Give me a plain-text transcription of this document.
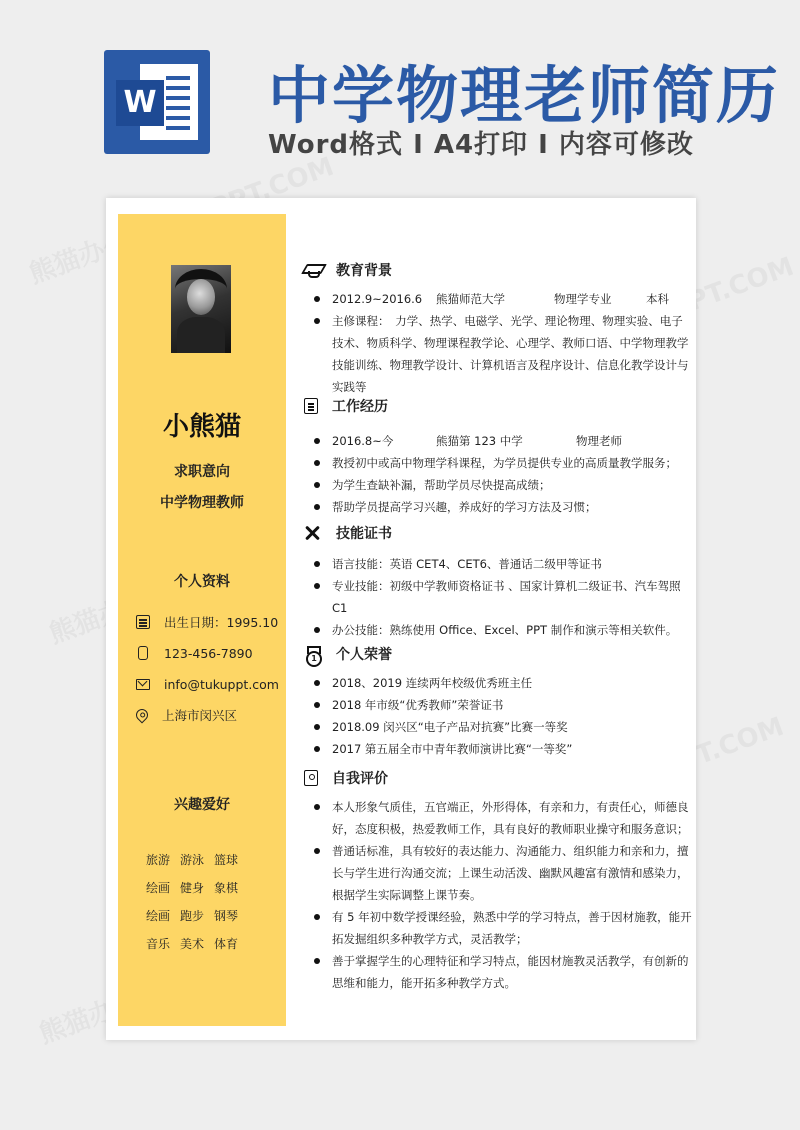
W 中学物理老师简历
Word格式 I A4打印 I 内容可修改
小熊猫
求职意向
中学物理教师
个人资料
出生日期：1995.10
123-456-7890
info@tukuppt.com
上海市闵兴区
兴趣爱好
旅游 游泳 篮球
绘画 健身 象棋
绘画 跑步 钢琴
音乐 美术 体育
教育背景
2012.9~2016.6	熊猫师范大学	物理学专业	本科
主修课程：　力学、热学、电磁学、光学、理论物理、物理实验、电子技术、物质科学、物理课程教学论、心理学、教师口语、中学物理教学技能训练、物理教学设计、计算机语言及程序设计、信息化教学设计与实践等
工作经历
2016.8~今	熊猫第 123 中学	物理老师
教授初中或高中物理学科课程，为学员提供专业的高质量教学服务；
为学生查缺补漏，帮助学员尽快提高成绩；
帮助学员提高学习兴趣，养成好的学习方法及习惯；
技能证书
语言技能：英语 CET4、CET6、普通话二级甲等证书
专业技能：初级中学教师资格证书 、国家计算机二级证书、汽车驾照 C1
办公技能：熟练使用 Office、Excel、PPT 制作和演示等相关软件。
1
个人荣誉
2018、2019 连续两年校级优秀班主任
2018 年市级“优秀教师”荣誉证书
2018.09 闵兴区“电子产品对抗赛”比赛一等奖
2017 第五届全市中青年教师演讲比赛“一等奖”
自我评价
本人形象气质佳，五官端正，外形得体，有亲和力，有责任心，师德良好，态度积极，热爱教师工作，具有良好的教师职业操守和服务意识；
普通话标准，具有较好的表达能力、沟通能力、组织能力和亲和力，擅长与学生进行沟通交流；上课生动活泼、幽默风趣富有激情和感染力，根据学生实际调整上课节奏。
有 5 年初中数学授课经验，熟悉中学的学习特点，善于因材施教，能开拓发掘组织多种教学方式，灵活教学；
善于掌握学生的心理特征和学习特点，能因材施教灵活教学，有创新的思维和能力，能开拓多种教学方式。
